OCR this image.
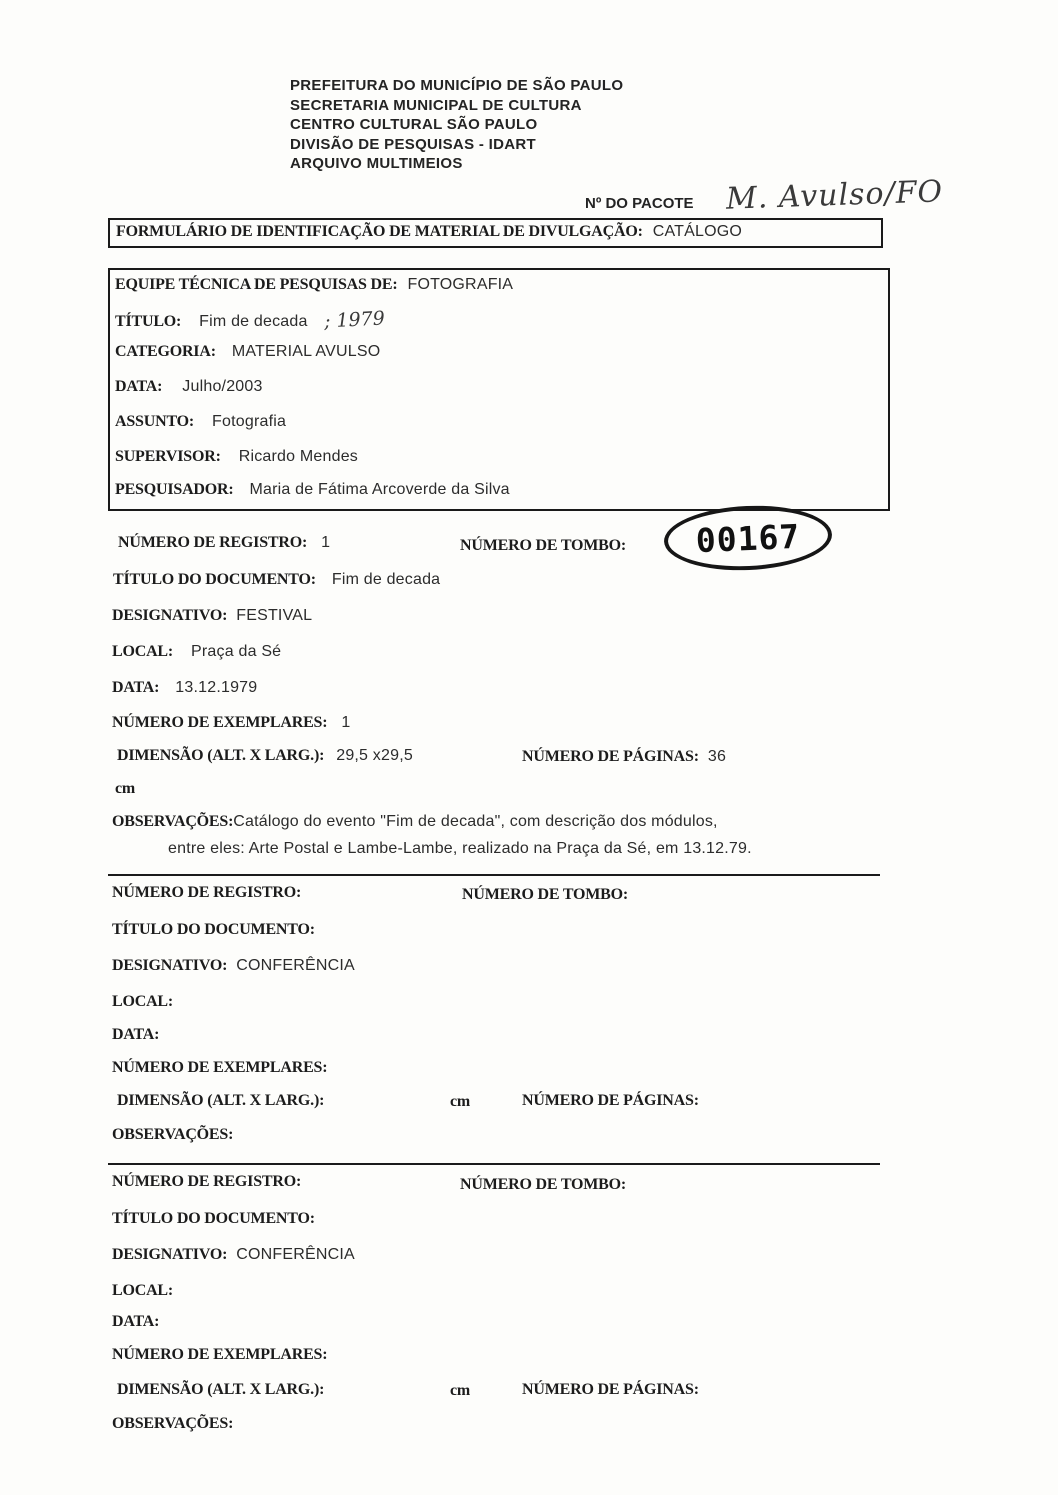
PREFEITURA DO MUNICÍPIO DE SÃO PAULO
SECRETARIA MUNICIPAL DE CULTURA
CENTRO CULTURAL SÃO PAULO
DIVISÃO DE PESQUISAS - IDART
ARQUIVO MULTIMEIOS
Nº DO PACOTE M. Avulso/FO
FORMULÁRIO DE IDENTIFICAÇÃO DE MATERIAL DE DIVULGAÇÃO: CATÁLOGO
EQUIPE TÉCNICA DE PESQUISAS DE: FOTOGRAFIA
TÍTULO: Fim de decada ; 1979
CATEGORIA: MATERIAL AVULSO
DATA: Julho/2003
ASSUNTO: Fotografia
SUPERVISOR: Ricardo Mendes
PESQUISADOR: Maria de Fátima Arcoverde da Silva
NÚMERO DE REGISTRO: 1	NÚMERO DE TOMBO: 00167
TÍTULO DO DOCUMENTO: Fim de decada
DESIGNATIVO: FESTIVAL
LOCAL: Praça da Sé
DATA: 13.12.1979
NÚMERO DE EXEMPLARES: 1
DIMENSÃO (ALT. X LARG.): 29,5 x29,5	NÚMERO DE PÁGINAS: 36
cm
OBSERVAÇÕES:Catálogo do evento "Fim de decada", com descrição dos módulos,
entre eles: Arte Postal e Lambe-Lambe, realizado na Praça da Sé, em 13.12.79.
NÚMERO DE REGISTRO:	NÚMERO DE TOMBO:
TÍTULO DO DOCUMENTO:
DESIGNATIVO: CONFERÊNCIA
LOCAL:
DATA:
NÚMERO DE EXEMPLARES:
DIMENSÃO (ALT. X LARG.):	cm	NÚMERO DE PÁGINAS:
OBSERVAÇÕES:
NÚMERO DE REGISTRO:	NÚMERO DE TOMBO:
TÍTULO DO DOCUMENTO:
DESIGNATIVO: CONFERÊNCIA
LOCAL:
DATA:
NÚMERO DE EXEMPLARES:
DIMENSÃO (ALT. X LARG.):	cm	NÚMERO DE PÁGINAS:
OBSERVAÇÕES:
